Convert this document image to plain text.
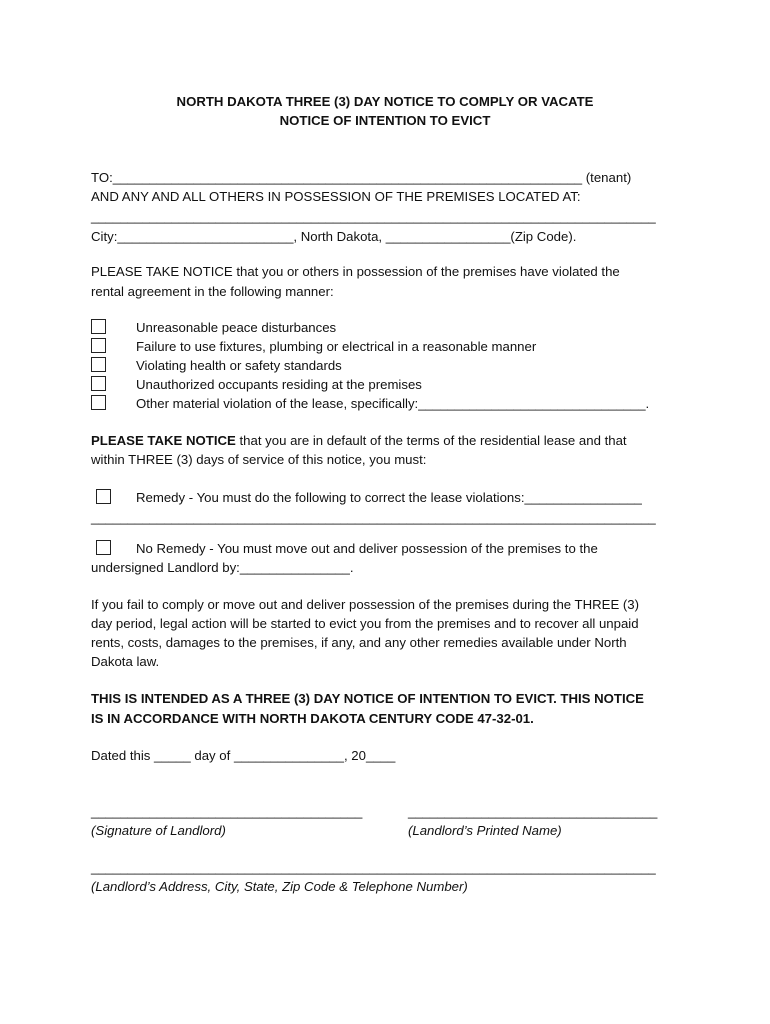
NORTH DAKOTA THREE (3) DAY NOTICE TO COMPLY OR VACATE
NOTICE OF INTENTION TO EVICT
TO:________________________________________________________________ (tenant)
AND ANY AND ALL OTHERS IN POSSESSION OF THE PREMISES LOCATED AT:
_____________________________________________________________________________
City:________________________, North Dakota, _________________(Zip Code).
PLEASE TAKE NOTICE that you or others in possession of the premises have violated the
rental agreement in the following manner:
Unreasonable peace disturbances
Failure to use fixtures, plumbing or electrical in a reasonable manner
Violating health or safety standards
Unauthorized occupants residing at the premises
Other material violation of the lease, specifically:_______________________________.
PLEASE TAKE NOTICE that you are in default of the terms of the residential lease and that
within THREE (3) days of service of this notice, you must:
Remedy - You must do the following to correct the lease violations:________________
_____________________________________________________________________________
No Remedy - You must move out and deliver possession of the premises to the
undersigned Landlord by:_______________.
If you fail to comply or move out and deliver possession of the premises during the THREE (3)
day period, legal action will be started to evict you from the premises and to recover all unpaid
rents, costs, damages to the premises, if any, and any other remedies available under North
Dakota law.
THIS IS INTENDED AS A THREE (3) DAY NOTICE OF INTENTION TO EVICT. THIS NOTICE
IS IN ACCORDANCE WITH NORTH DAKOTA CENTURY CODE 47-32-01.
Dated this _____ day of _______________, 20____
_____________________________________
(Signature of Landlord)
__________________________________
(Landlord’s Printed Name)
_____________________________________________________________________________
(Landlord’s Address, City, State, Zip Code & Telephone Number)
